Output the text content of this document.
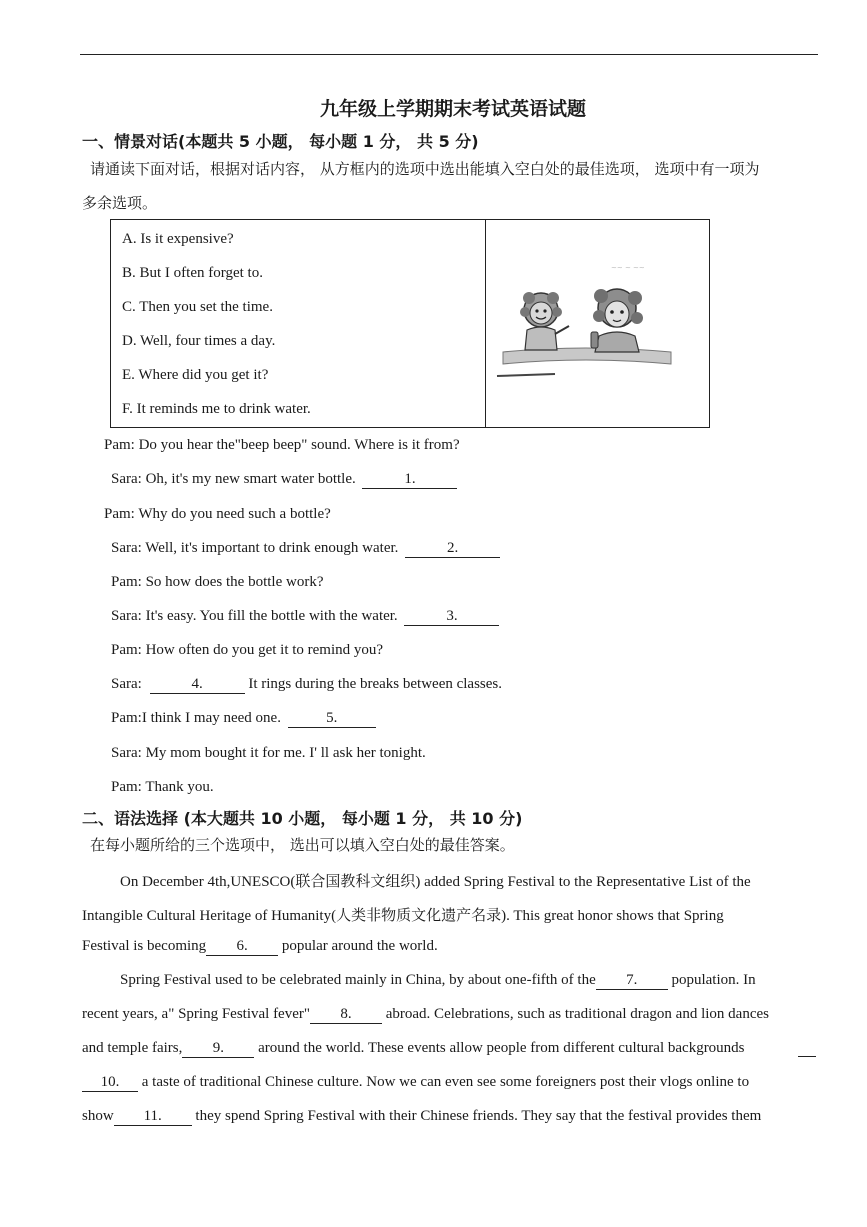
九年级上学期期末考试英语试题
一、情景对话(本题共 5 小题， 每小题 1 分， 共 5 分)
请通读下面对话，根据对话内容， 从方框内的选项中选出能填入空白处的最佳选项， 选项中有一项为
多余选项。
A. Is it expensive?
B. But I often forget to.
C. Then you set the time.
D. Well, four times a day.
E. Where did you get it?
F. It reminds me to drink water.
~~ ~ ~~
Pam: Do you hear the"beep beep" sound. Where is it from?
Sara: Oh, it's my new smart water bottle.	1.
Pam: Why do you need such a bottle?
Sara: Well, it's important to drink enough water.	2.
Pam: So how does the bottle work?
Sara: It's easy. You fill the bottle with the water.	3.
Pam: How often do you get it to remind you?
Sara:	4.	It rings during the breaks between classes.
Pam:I think I may need one.	5.
Sara: My mom bought it for me. I' ll ask her tonight.
Pam: Thank you.
二、语法选择 (本大题共 10 小题， 每小题 1 分， 共 10 分)
在每小题所给的三个选项中， 选出可以填入空白处的最佳答案。
On December 4th,UNESCO(联合国教科文组织) added Spring Festival to the Representative List of the
Intangible Cultural Heritage of Humanity(人类非物质文化遗产名录). This great honor shows that Spring
Festival is becoming 6. popular around the world.
Spring Festival used to be celebrated mainly in China, by about one-fifth of the 7. population. In
recent years, a" Spring Festival fever" 8. abroad. Celebrations, such as traditional dragon and lion dances
and temple fairs, 9. around the world. These events allow people from different cultural backgrounds
10. a taste of traditional Chinese culture. Now we can even see some foreigners post their vlogs online to
show 11. they spend Spring Festival with their Chinese friends. They say that the festival provides them
